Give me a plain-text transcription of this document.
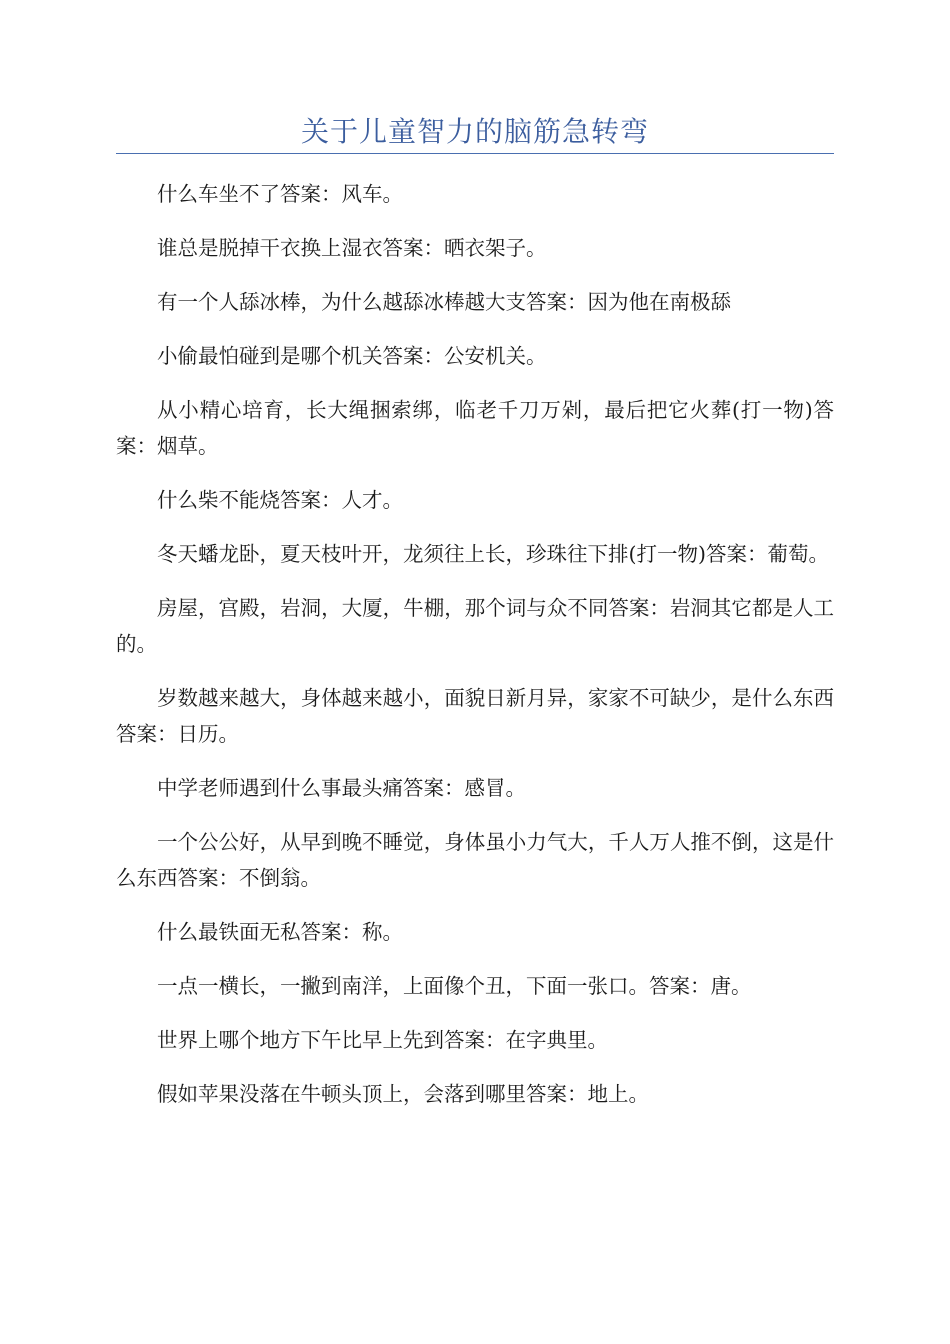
关于儿童智力的脑筋急转弯

什么车坐不了答案：风车。

谁总是脱掉干衣换上湿衣答案：晒衣架子。

有一个人舔冰棒，为什么越舔冰棒越大支答案：因为他在南极舔

小偷最怕碰到是哪个机关答案：公安机关。

从小精心培育，长大绳捆索绑，临老千刀万剁，最后把它火葬(打一物)答案：烟草。

什么柴不能烧答案：人才。

冬天蟠龙卧，夏天枝叶开，龙须往上长，珍珠往下排(打一物)答案：葡萄。

房屋，宫殿，岩洞，大厦，牛棚，那个词与众不同答案：岩洞其它都是人工的。

岁数越来越大，身体越来越小，面貌日新月异，家家不可缺少，是什么东西答案：日历。

中学老师遇到什么事最头痛答案：感冒。

一个公公好，从早到晚不睡觉，身体虽小力气大，千人万人推不倒，这是什么东西答案：不倒翁。

什么最铁面无私答案：称。

一点一横长，一撇到南洋，上面像个丑，下面一张口。答案：唐。

世界上哪个地方下午比早上先到答案：在字典里。

假如苹果没落在牛顿头顶上，会落到哪里答案：地上。
